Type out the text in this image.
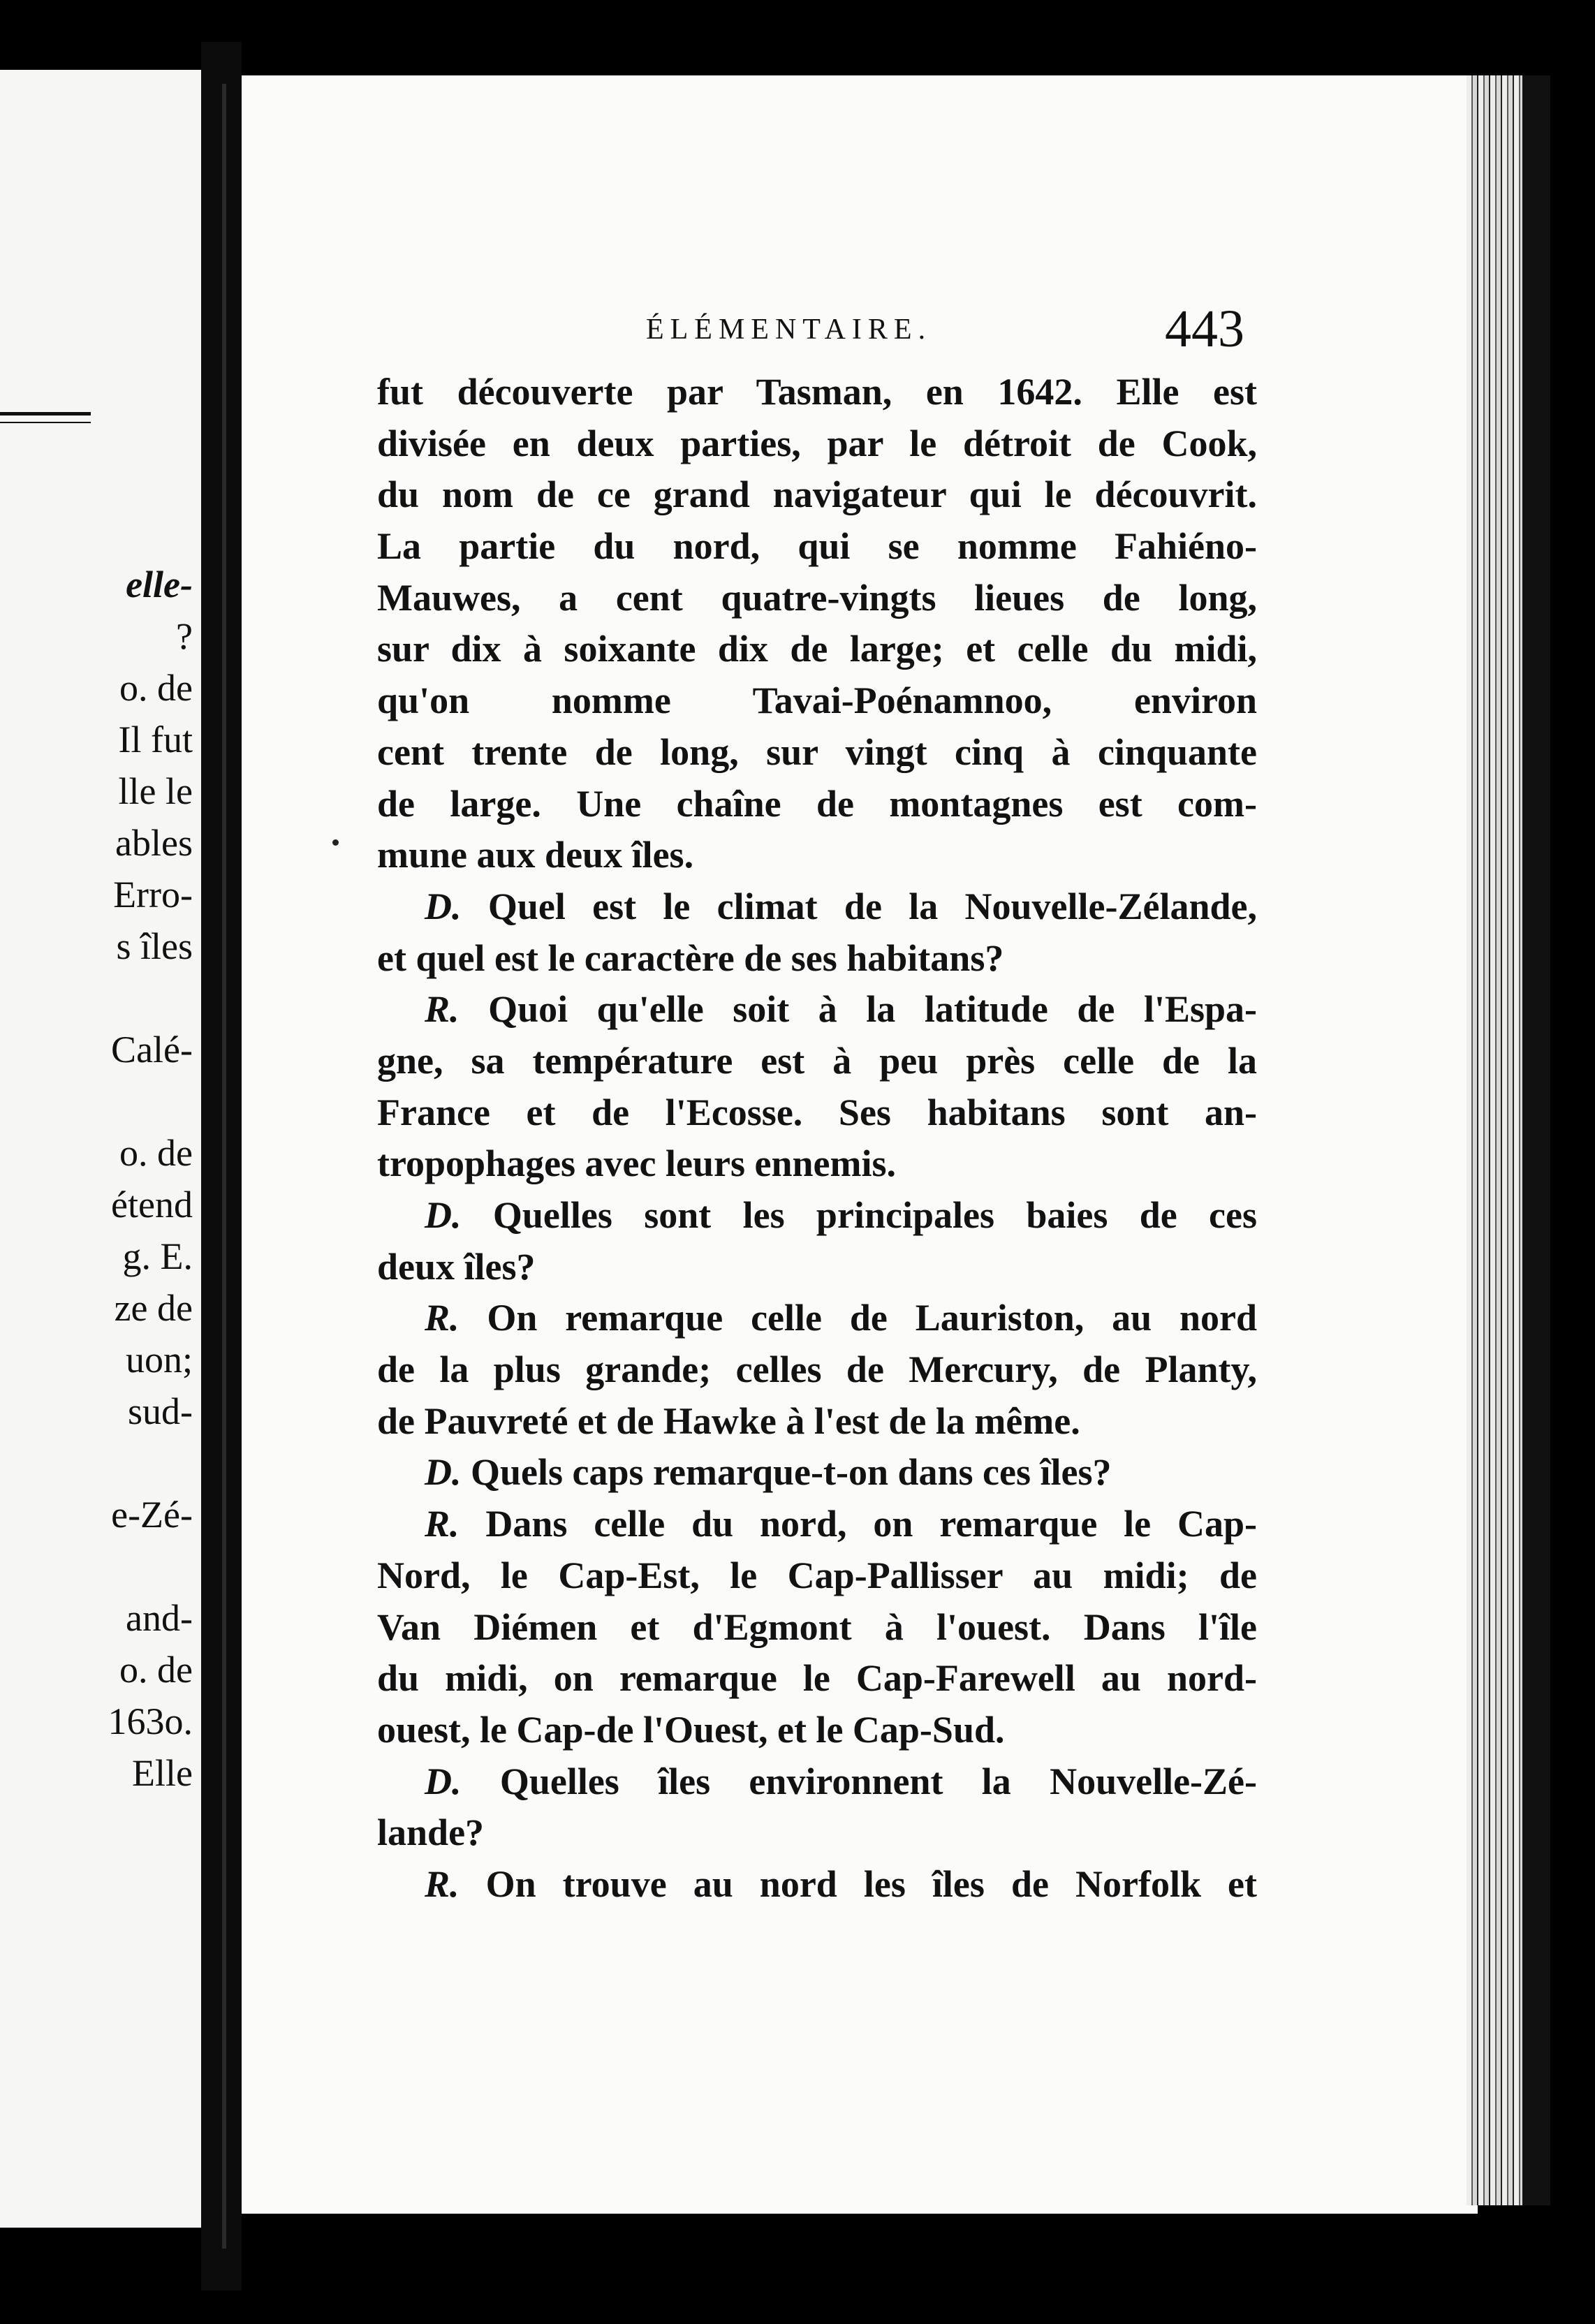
elle-
?
o. de
Il fut
lle le
ables
Erro-
s îles
Calé-
o. de
étend
g. E.
ze de
uon;
sud-
e-Zé-
and-
o. de
163o.
Elle
ÉLÉMENTAIRE.	443
fut découverte par Tasman, en 1642. Elle est
divisée en deux parties, par le détroit de Cook,
du nom de ce grand navigateur qui le découvrit.
La partie du nord, qui se nomme Fahiéno-
Mauwes, a cent quatre-vingts lieues de long,
sur dix à soixante dix de large; et celle du midi,
qu'on nomme Tavai-Poénamnoo, environ
cent trente de long, sur vingt cinq à cinquante
de large. Une chaîne de montagnes est com-
mune aux deux îles.
D. Quel est le climat de la Nouvelle-Zélande,
et quel est le caractère de ses habitans?
R. Quoi qu'elle soit à la latitude de l'Espa-
gne, sa température est à peu près celle de la
France et de l'Ecosse. Ses habitans sont an-
tropophages avec leurs ennemis.
D. Quelles sont les principales baies de ces
deux îles?
R. On remarque celle de Lauriston, au nord
de la plus grande; celles de Mercury, de Planty,
de Pauvreté et de Hawke à l'est de la même.
D. Quels caps remarque-t-on dans ces îles?
R. Dans celle du nord, on remarque le Cap-
Nord, le Cap-Est, le Cap-Pallisser au midi; de
Van Diémen et d'Egmont à l'ouest. Dans l'île
du midi, on remarque le Cap-Farewell au nord-
ouest, le Cap-de l'Ouest, et le Cap-Sud.
D. Quelles îles environnent la Nouvelle-Zé-
lande?
R. On trouve au nord les îles de Norfolk et
